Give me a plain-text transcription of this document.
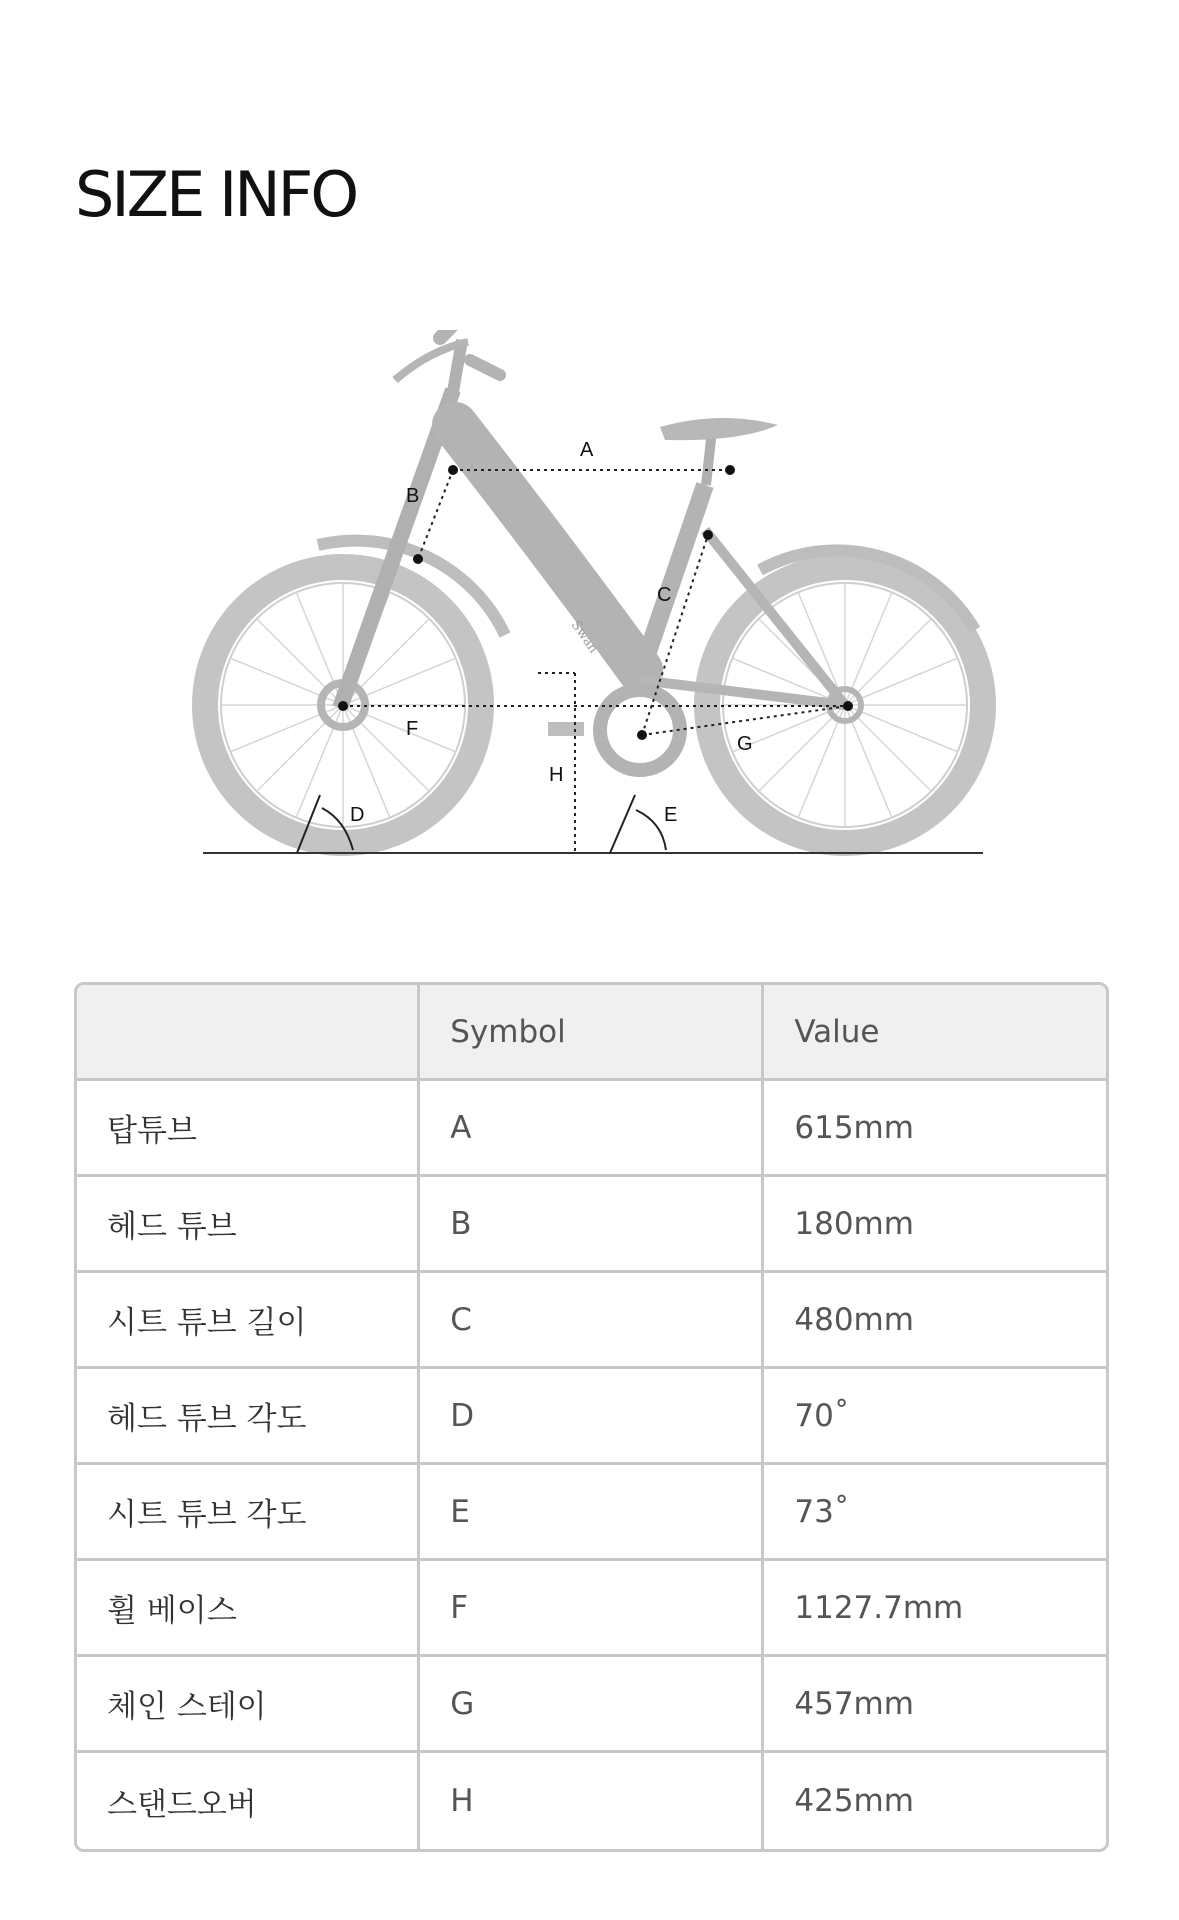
SIZE INFO
A
B
C
D	E
F
G
H
Swan
	Symbol	Value
탑튜브	A	615mm
헤드 튜브	B	180mm
시트 튜브 길이	C	480mm
헤드 튜브 각도	D	70˚
시트 튜브 각도	E	73˚
휠 베이스	F	1127.7mm
체인 스테이	G	457mm
스탠드오버	H	425mm
